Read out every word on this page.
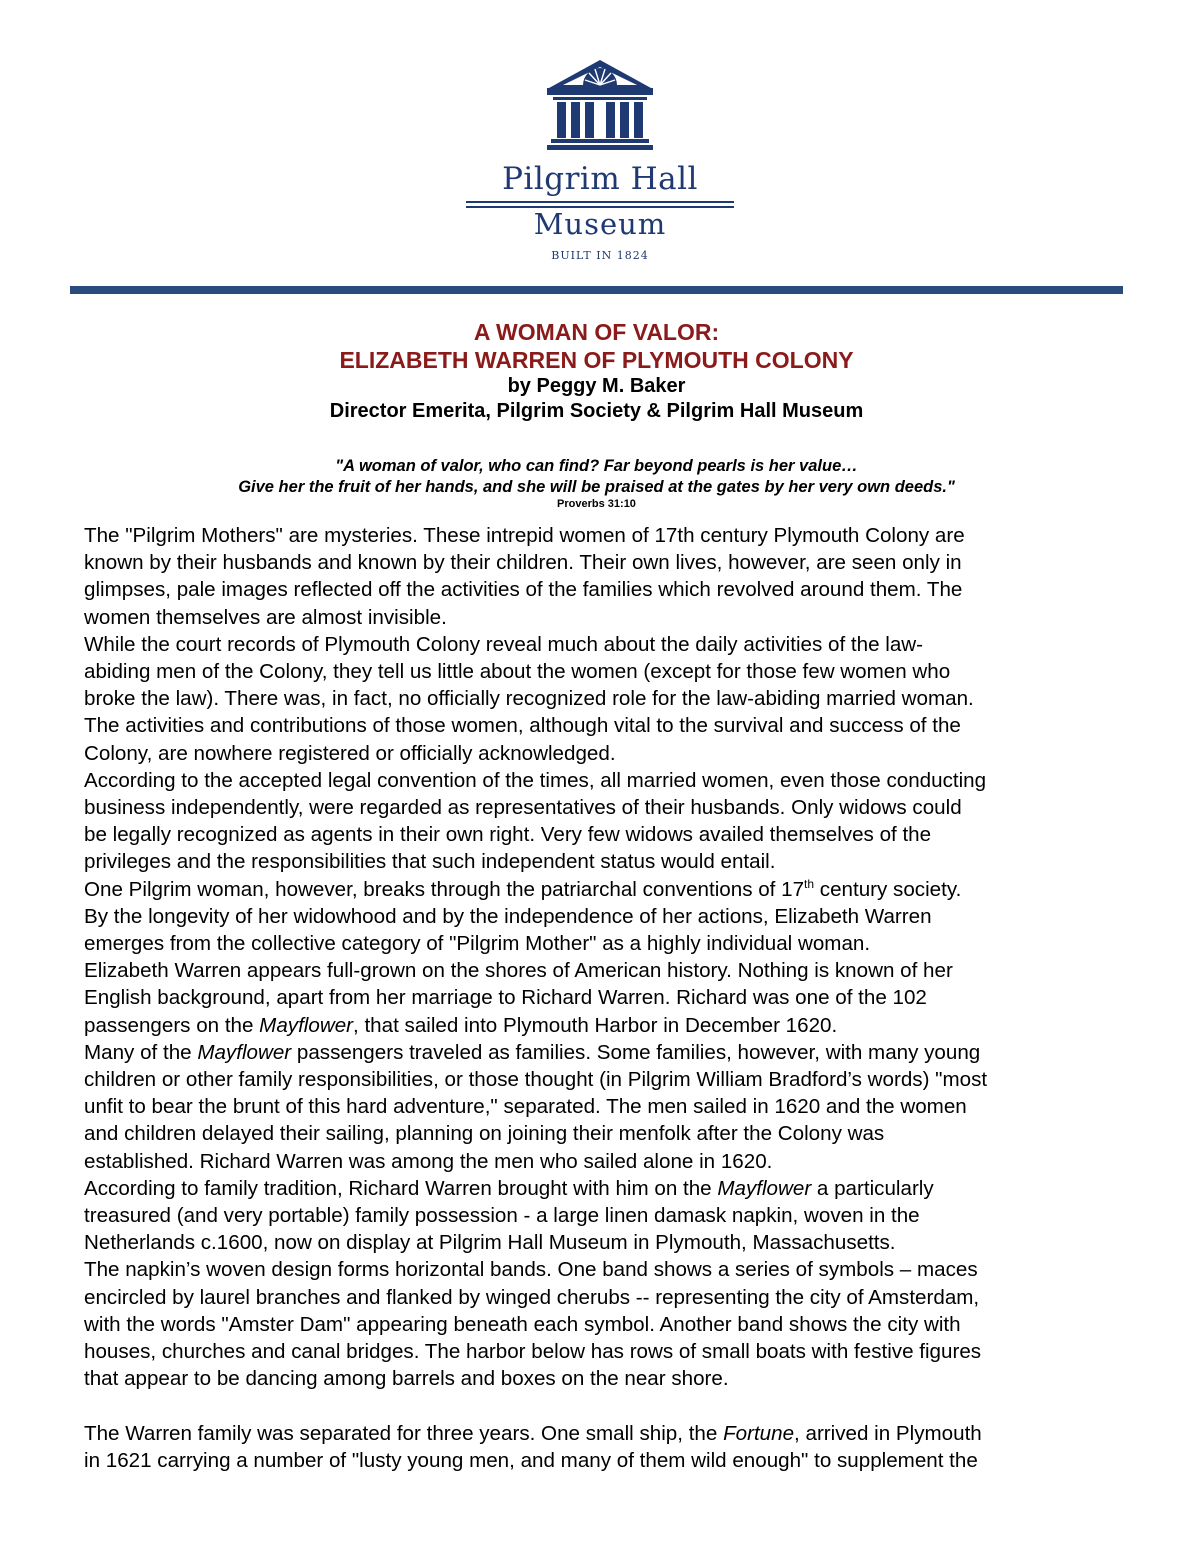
Pilgrim Hall
Museum
BUILT IN 1824
A WOMAN OF VALOR:
ELIZABETH WARREN OF PLYMOUTH COLONY
by Peggy M. Baker
Director Emerita, Pilgrim Society & Pilgrim Hall Museum
"A woman of valor, who can find? Far beyond pearls is her value…
Give her the fruit of her hands, and she will be praised at the gates by her very own deeds."
Proverbs 31:10

The "Pilgrim Mothers" are mysteries. These intrepid women of 17th century Plymouth Colony are

known by their husbands and known by their children. Their own lives, however, are seen only in

glimpses, pale images reflected off the activities of the families which revolved around them. The

women themselves are almost invisible.

While the court records of Plymouth Colony reveal much about the daily activities of the law-

abiding men of the Colony, they tell us little about the women (except for those few women who

broke the law). There was, in fact, no officially recognized role for the law-abiding married woman.

The activities and contributions of those women, although vital to the survival and success of the

Colony, are nowhere registered or officially acknowledged.

According to the accepted legal convention of the times, all married women, even those conducting

business independently, were regarded as representatives of their husbands. Only widows could

be legally recognized as agents in their own right. Very few widows availed themselves of the

privileges and the responsibilities that such independent status would entail.

One Pilgrim woman, however, breaks through the patriarchal conventions of 17th century society.

By the longevity of her widowhood and by the independence of her actions, Elizabeth Warren

emerges from the collective category of "Pilgrim Mother" as a highly individual woman.

Elizabeth Warren appears full-grown on the shores of American history. Nothing is known of her

English background, apart from her marriage to Richard Warren. Richard was one of the 102

passengers on the Mayflower, that sailed into Plymouth Harbor in December 1620.

Many of the Mayflower passengers traveled as families. Some families, however, with many young

children or other family responsibilities, or those thought (in Pilgrim William Bradford’s words) "most

unfit to bear the brunt of this hard adventure," separated. The men sailed in 1620 and the women

and children delayed their sailing, planning on joining their menfolk after the Colony was

established. Richard Warren was among the men who sailed alone in 1620.

According to family tradition, Richard Warren brought with him on the Mayflower a particularly

treasured (and very portable) family possession - a large linen damask napkin, woven in the

Netherlands c.1600, now on display at Pilgrim Hall Museum in Plymouth, Massachusetts.

The napkin’s woven design forms horizontal bands. One band shows a series of symbols – maces

encircled by laurel branches and flanked by winged cherubs -- representing the city of Amsterdam,

with the words "Amster Dam" appearing beneath each symbol. Another band shows the city with

houses, churches and canal bridges. The harbor below has rows of small boats with festive figures

that appear to be dancing among barrels and boxes on the near shore.

The Warren family was separated for three years. One small ship, the Fortune, arrived in Plymouth

in 1621 carrying a number of "lusty young men, and many of them wild enough" to supplement the
